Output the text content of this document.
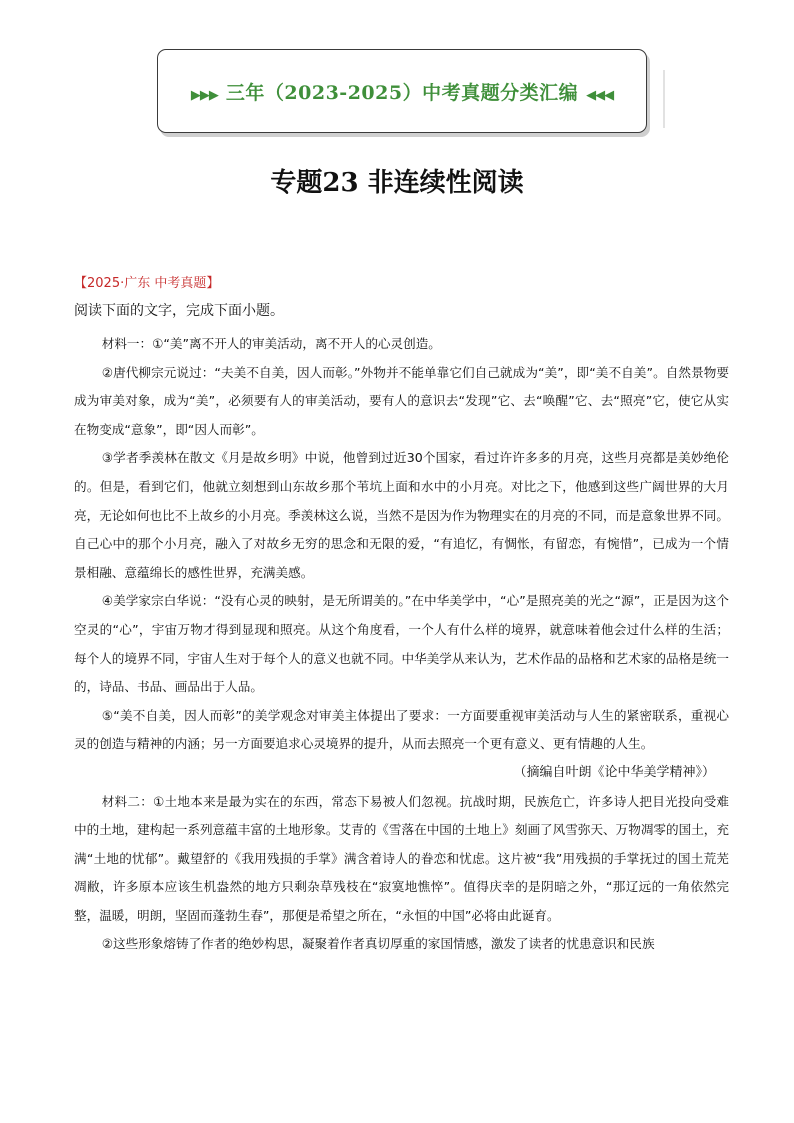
▶▶▶ 三年（2023-2025）中考真题分类汇编 ◀◀◀
专题23 非连续性阅读
【2025·广东 中考真题】
阅读下面的文字，完成下面小题。

材料一：①“美”离不开人的审美活动，离不开人的心灵创造。

②唐代柳宗元说过：“夫美不自美，因人而彰。”外物并不能单靠它们自己就成为“美”，即“美不自美”。自然景物要成为审美对象，成为“美”，必须要有人的审美活动，要有人的意识去“发现”它、去“唤醒”它、去“照亮”它，使它从实在物变成“意象”，即“因人而彰”。

③学者季羡林在散文《月是故乡明》中说，他曾到过近30个国家，看过许许多多的月亮，这些月亮都是美妙绝伦的。但是，看到它们，他就立刻想到山东故乡那个苇坑上面和水中的小月亮。对比之下，他感到这些广阔世界的大月亮，无论如何也比不上故乡的小月亮。季羡林这么说，当然不是因为作为物理实在的月亮的不同，而是意象世界不同。自己心中的那个小月亮，融入了对故乡无穷的思念和无限的爱，“有追忆，有惆怅，有留恋，有惋惜”，已成为一个情景相融、意蕴绵长的感性世界，充满美感。

④美学家宗白华说：“没有心灵的映射，是无所谓美的。”在中华美学中，“心”是照亮美的光之“源”，正是因为这个空灵的“心”，宇宙万物才得到显现和照亮。从这个角度看，一个人有什么样的境界，就意味着他会过什么样的生活；每个人的境界不同，宇宙人生对于每个人的意义也就不同。中华美学从来认为，艺术作品的品格和艺术家的品格是统一的，诗品、书品、画品出于人品。

⑤“美不自美，因人而彰”的美学观念对审美主体提出了要求：一方面要重视审美活动与人生的紧密联系，重视心灵的创造与精神的内涵；另一方面要追求心灵境界的提升，从而去照亮一个更有意义、更有情趣的人生。

（摘编自叶朗《论中华美学精神》）

材料二：①土地本来是最为实在的东西，常态下易被人们忽视。抗战时期，民族危亡，许多诗人把目光投向受难中的土地，建构起一系列意蕴丰富的土地形象。艾青的《雪落在中国的土地上》刻画了风雪弥天、万物凋零的国土，充满“土地的忧郁”。戴望舒的《我用残损的手掌》满含着诗人的眷恋和忧虑。这片被“我”用残损的手掌抚过的国土荒芜凋敝，许多原本应该生机盎然的地方只剩杂草残枝在“寂寞地憔悴”。值得庆幸的是阴暗之外，“那辽远的一角依然完整，温暖，明朗，坚固而蓬勃生春”，那便是希望之所在，“永恒的中国”必将由此诞育。

②这些形象熔铸了作者的绝妙构思，凝聚着作者真切厚重的家国情感，激发了读者的忧患意识和民族
